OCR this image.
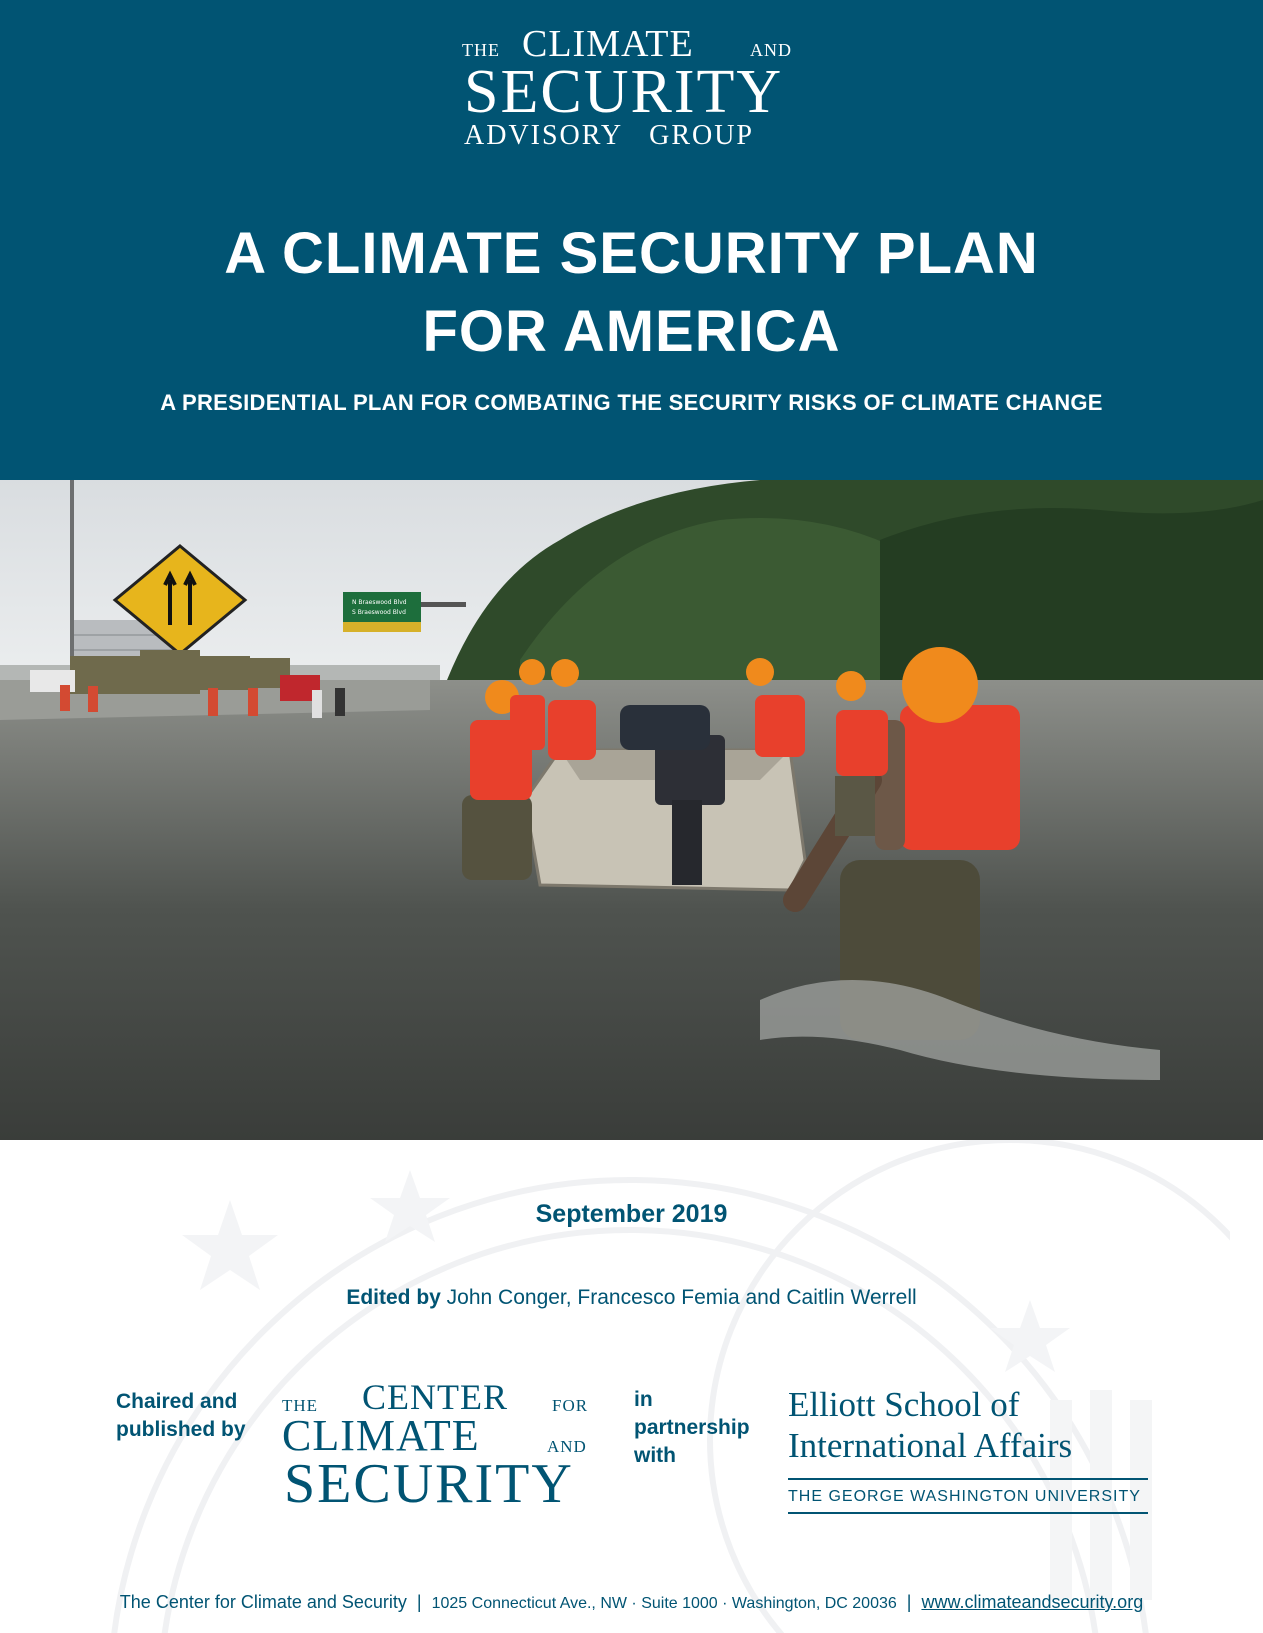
THE CLIMATE	AND
SECURITY
ADVISORY GROUP
A CLIMATE SECURITY PLAN
FOR AMERICA
A PRESIDENTIAL PLAN FOR COMBATING THE SECURITY RISKS OF CLIMATE CHANGE
N Braeswood Blvd
S Braeswood Blvd
September 2019
Edited by John Conger, Francesco Femia and Caitlin Werrell
Chaired and
published by
THE CENTER	FOR
CLIMATE	AND
SECURITY
in
partnership
with
Elliott School of
International Affairs
THE GEORGE WASHINGTON UNIVERSITY
The Center for Climate and Security | 1025 Connecticut Ave., NW · Suite 1000 · Washington, DC 20036 | www.climateandsecurity.org
